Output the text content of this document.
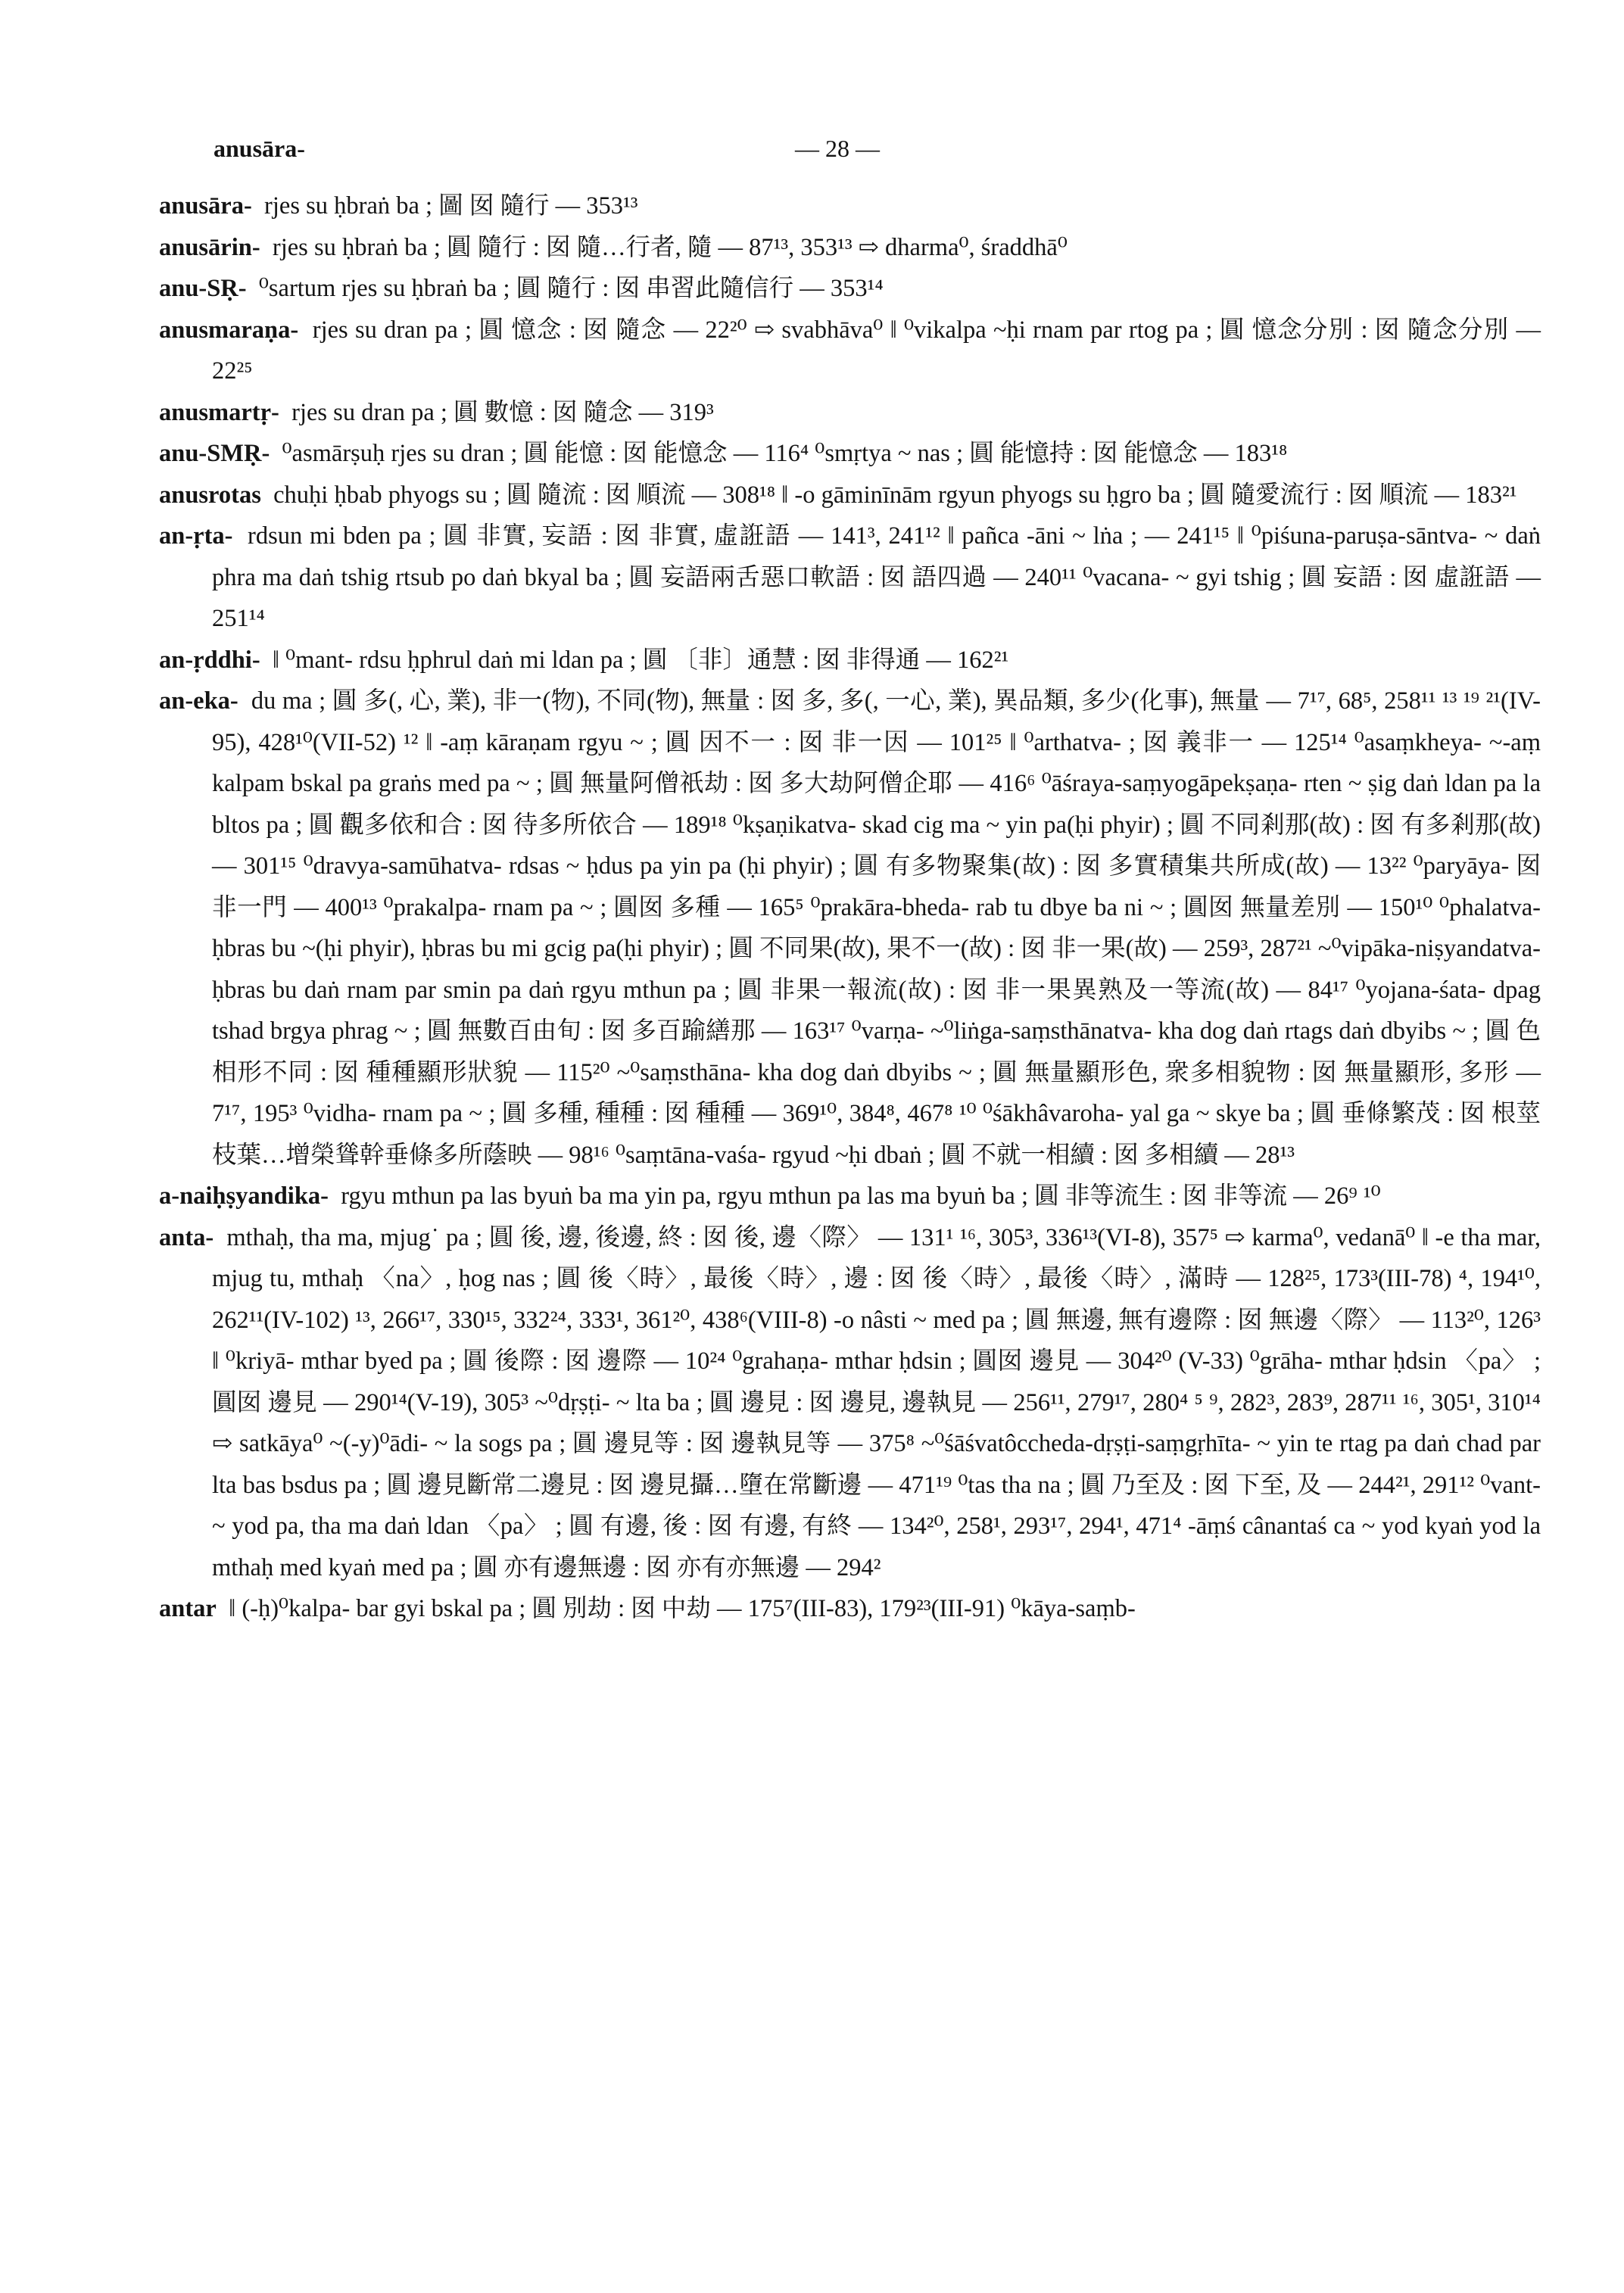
anusāra-	— 28 —

anusāra- rjes su ḥbraṅ ba ; 圖 囡 隨行 — 353¹³

anusārin- rjes su ḥbraṅ ba ; 圓 隨行 : 囡 隨…行者, 隨 — 87¹³, 353¹³ ⇨ dharma⁰, śraddhā⁰

anu-SṚ- ⁰sartum rjes su ḥbraṅ ba ; 圓 隨行 : 囡 串習此隨信行 — 353¹⁴

anusmaraṇa- rjes su dran pa ; 圓 憶念 : 囡 隨念 — 22²⁰ ⇨ svabhāva⁰ ‖ ⁰vikalpa ~ḥi rnam par rtog pa ; 圓 憶念分別 : 囡 隨念分別 — 22²⁵

anusmartṛ- rjes su dran pa ; 圓 數憶 : 囡 隨念 — 319³

anu-SMṚ- ⁰asmārṣuḥ rjes su dran ; 圓 能憶 : 囡 能憶念 — 116⁴ ⁰smṛtya ~ nas ; 圓 能憶持 : 囡 能憶念 — 183¹⁸

anusrotas chuḥi ḥbab phyogs su ; 圓 隨流 : 囡 順流 — 308¹⁸ ‖ -o gāminīnām rgyun phyogs su ḥgro ba ; 圓 隨愛流行 : 囡 順流 — 183²¹

an-ṛta- rdsun mi bden pa ; 圓 非實, 妄語 : 囡 非實, 虛誑語 — 141³, 241¹² ‖ pañca -āni ~ lṅa ; — 241¹⁵ ‖ ⁰piśuna-paruṣa-sāntva- ~ daṅ phra ma daṅ tshig rtsub po daṅ bkyal ba ; 圓 妄語兩舌惡口軟語 : 囡 語四過 — 240¹¹ ⁰vacana- ~ gyi tshig ; 圓 妄語 : 囡 虛誑語 — 251¹⁴

an-ṛddhi- ‖ ⁰mant- rdsu ḥphrul daṅ mi ldan pa ; 圓 〔非〕通慧 : 囡 非得通 — 162²¹

an-eka- du ma ; 圓 多(, 心, 業), 非一(物), 不同(物), 無量 : 囡 多, 多(, 一心, 業), 異品類, 多少(化事), 無量 — 7¹⁷, 68⁵, 258¹¹ ¹³ ¹⁹ ²¹(IV-95), 428¹⁰(VII-52) ¹² ‖ -aṃ kāraṇam rgyu ~ ; 圓 因不一 : 囡 非一因 — 101²⁵ ‖ ⁰arthatva- ; 囡 義非一 — 125¹⁴ ⁰asaṃkheya- ~-aṃ kalpam bskal pa graṅs med pa ~ ; 圓 無量阿僧祇劫 : 囡 多大劫阿僧企耶 — 416⁶ ⁰āśraya-saṃyogāpekṣaṇa- rten ~ ṣig daṅ ldan pa la bltos pa ; 圓 觀多依和合 : 囡 待多所依合 — 189¹⁸ ⁰kṣaṇikatva- skad cig ma ~ yin pa(ḥi phyir) ; 圓 不同剎那(故) : 囡 有多剎那(故) — 301¹⁵ ⁰dravya-samūhatva- rdsas ~ ḥdus pa yin pa (ḥi phyir) ; 圓 有多物聚集(故) : 囡 多實積集共所成(故) — 13²² ⁰paryāya- 囡 非一門 — 400¹³ ⁰prakalpa- rnam pa ~ ; 圓囡 多種 — 165⁵ ⁰prakāra-bheda- rab tu dbye ba ni ~ ; 圓囡 無量差別 — 150¹⁰ ⁰phalatva- ḥbras bu ~(ḥi phyir), ḥbras bu mi gcig pa(ḥi phyir) ; 圓 不同果(故), 果不一(故) : 囡 非一果(故) — 259³, 287²¹ ~⁰vipāka-niṣyandatva- ḥbras bu daṅ rnam par smin pa daṅ rgyu mthun pa ; 圓 非果一報流(故) : 囡 非一果異熟及一等流(故) — 84¹⁷ ⁰yojana-śata- dpag tshad brgya phrag ~ ; 圓 無數百由旬 : 囡 多百踰繕那 — 163¹⁷ ⁰varṇa- ~⁰liṅga-saṃsthānatva- kha dog daṅ rtags daṅ dbyibs ~ ; 圓 色相形不同 : 囡 種種顯形狀貌 — 115²⁰ ~⁰saṃsthāna- kha dog daṅ dbyibs ~ ; 圓 無量顯形色, 衆多相貌物 : 囡 無量顯形, 多形 — 7¹⁷, 195³ ⁰vidha- rnam pa ~ ; 圓 多種, 種種 : 囡 種種 — 369¹⁰, 384⁸, 467⁸ ¹⁰ ⁰śākhâvaroha- yal ga ~ skye ba ; 圓 垂條繁茂 : 囡 根莖枝葉…增榮聳幹垂條多所蔭映 — 98¹⁶ ⁰saṃtāna-vaśa- rgyud ~ḥi dbaṅ ; 圓 不就一相續 : 囡 多相續 — 28¹³

a-naiḥṣyandika- rgyu mthun pa las byuṅ ba ma yin pa, rgyu mthun pa las ma byuṅ ba ; 圓 非等流生 : 囡 非等流 — 26⁹ ¹⁰

anta- mthaḥ, tha ma, mjug˙ pa ; 圓 後, 邊, 後邊, 終 : 囡 後, 邊〈際〉 — 131¹ ¹⁶, 305³, 336¹³(VI-8), 357⁵ ⇨ karma⁰, vedanā⁰ ‖ -e tha mar, mjug tu, mthaḥ 〈na〉, ḥog nas ; 圓 後〈時〉, 最後〈時〉, 邊 : 囡 後〈時〉, 最後〈時〉, 滿時 — 128²⁵, 173³(III-78) ⁴, 194¹⁰, 262¹¹(IV-102) ¹³, 266¹⁷, 330¹⁵, 332²⁴, 333¹, 361²⁰, 438⁶(VIII-8) -o nâsti ~ med pa ; 圓 無邊, 無有邊際 : 囡 無邊〈際〉 — 113²⁰, 126³ ‖ ⁰kriyā- mthar byed pa ; 圓 後際 : 囡 邊際 — 10²⁴ ⁰grahaṇa- mthar ḥdsin ; 圓囡 邊見 — 304²⁰ (V-33) ⁰grāha- mthar ḥdsin 〈pa〉 ; 圓囡 邊見 — 290¹⁴(V-19), 305³ ~⁰dṛṣṭi- ~ lta ba ; 圓 邊見 : 囡 邊見, 邊執見 — 256¹¹, 279¹⁷, 280⁴ ⁵ ⁹, 282³, 283⁹, 287¹¹ ¹⁶, 305¹, 310¹⁴ ⇨ satkāya⁰ ~(-y)⁰ādi- ~ la sogs pa ; 圓 邊見等 : 囡 邊執見等 — 375⁸ ~⁰śāśvatôccheda-dṛṣṭi-saṃgṛhīta- ~ yin te rtag pa daṅ chad par lta bas bsdus pa ; 圓 邊見斷常二邊見 : 囡 邊見攝…墮在常斷邊 — 471¹⁹ ⁰tas tha na ; 圓 乃至及 : 囡 下至, 及 — 244²¹, 291¹² ⁰vant- ~ yod pa, tha ma daṅ ldan 〈pa〉 ; 圓 有邊, 後 : 囡 有邊, 有終 — 134²⁰, 258¹, 293¹⁷, 294¹, 471⁴ -āṃś cânantaś ca ~ yod kyaṅ yod la mthaḥ med kyaṅ med pa ; 圓 亦有邊無邊 : 囡 亦有亦無邊 — 294²

antar ‖ (-ḥ)⁰kalpa- bar gyi bskal pa ; 圓 別劫 : 囡 中劫 — 175⁷(III-83), 179²³(III-91) ⁰kāya-saṃb-
